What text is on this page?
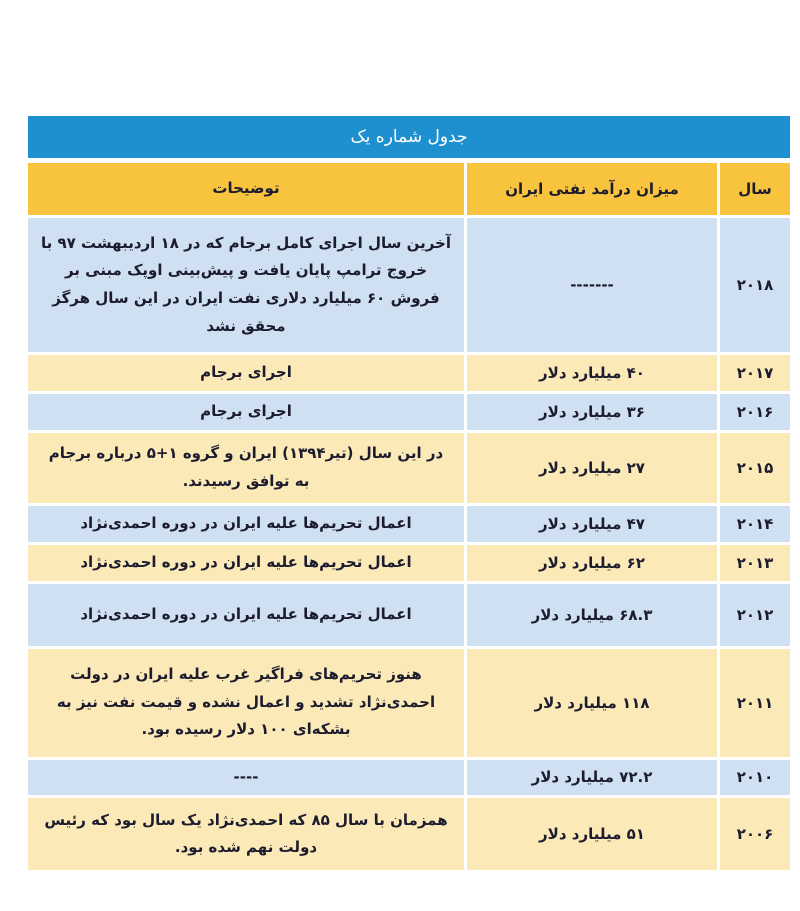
جدول شماره یک
سال	میزان درآمد نفتی ایران	توضیحات
۲۰۱۸	-------	آخرین سال اجرای کامل برجام که در ۱۸ اردیبهشت ۹۷ با خروج ترامپ پایان یافت و پیش‌بینی اوپک مبنی بر فروش ۶۰ میلیارد دلاری نفت ایران در این سال هرگز محقق نشد
۲۰۱۷	۴۰ میلیارد دلار	اجرای برجام
۲۰۱۶	۳۶ میلیارد دلار	اجرای برجام
۲۰۱۵	۲۷ میلیارد دلار	در این سال (تیر۱۳۹۴) ایران و گروه ۱+۵ درباره برجام به توافق رسیدند.
۲۰۱۴	۴۷ میلیارد دلار	اعمال تحریم‌ها علیه ایران در دوره احمدی‌نژاد
۲۰۱۳	۶۲ میلیارد دلار	اعمال تحریم‌ها علیه ایران در دوره احمدی‌نژاد
۲۰۱۲	۶۸.۳ میلیارد دلار	اعمال تحریم‌ها علیه ایران در دوره احمدی‌نژاد
۲۰۱۱	۱۱۸ میلیارد دلار	هنوز تحریم‌های فراگیر غرب علیه ایران در دولت احمدی‌نژاد تشدید و اعمال نشده و قیمت نفت نیز به بشکه‌ای ۱۰۰ دلار رسیده بود.
۲۰۱۰	۷۲.۲ میلیارد دلار	----
۲۰۰۶	۵۱ میلیارد دلار	همزمان با سال ۸۵ که احمدی‌نژاد یک سال بود که رئیس دولت نهم شده بود.
